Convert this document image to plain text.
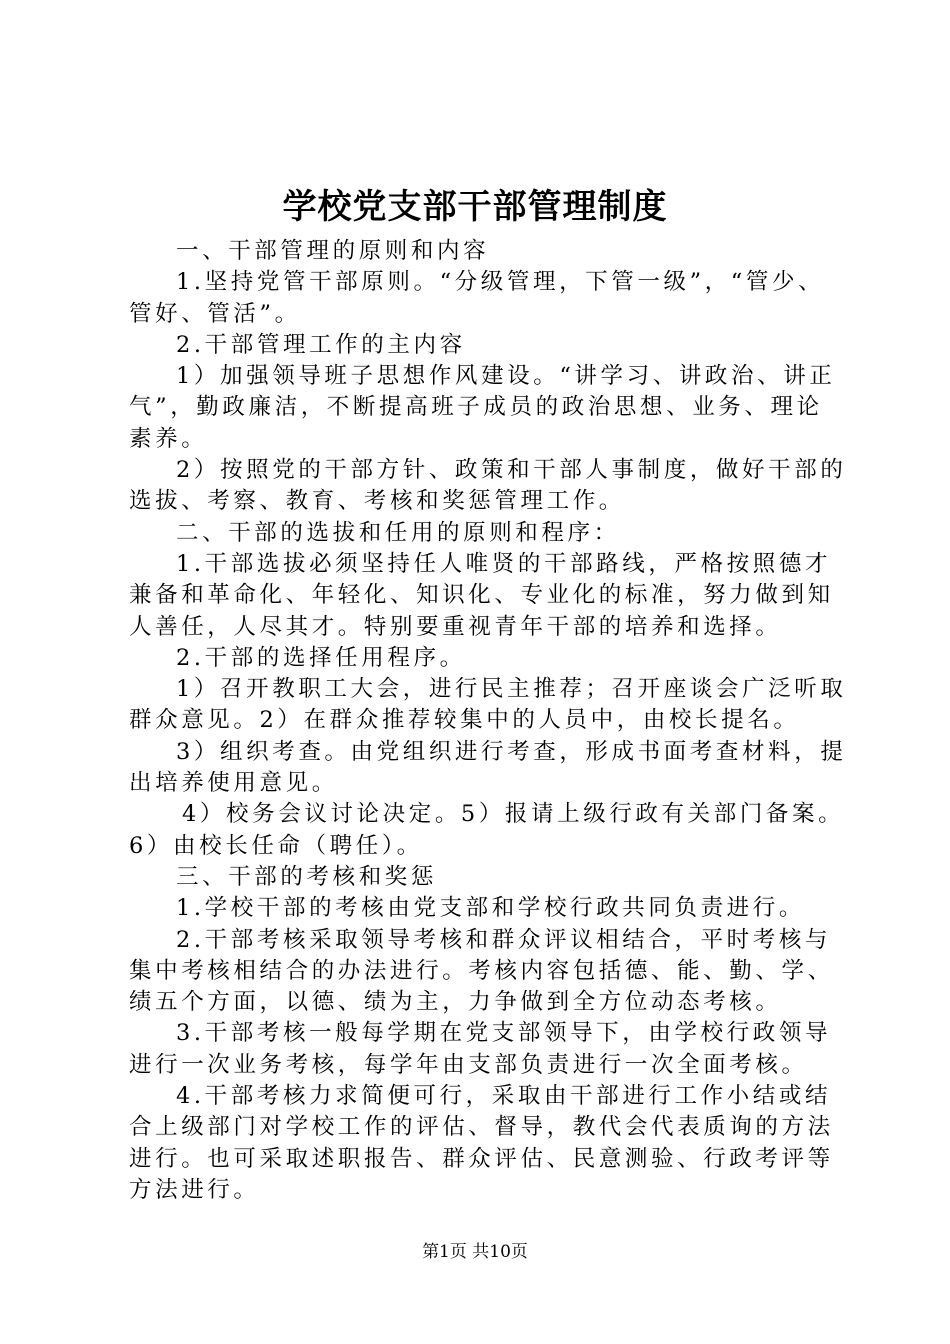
学校党支部干部管理制度
一、干部管理的原则和内容
1.坚持党管干部原则。“分级管理，下管一级”，“管少、
管好、管活”。
2.干部管理工作的主内容
1）加强领导班子思想作风建设。“讲学习、讲政治、讲正
气”，勤政廉洁，不断提高班子成员的政治思想、业务、理论
素养。
2）按照党的干部方针、政策和干部人事制度，做好干部的
选拔、考察、教育、考核和奖惩管理工作。
二、干部的选拔和任用的原则和程序：
1.干部选拔必须坚持任人唯贤的干部路线，严格按照德才
兼备和革命化、年轻化、知识化、专业化的标准，努力做到知
人善任，人尽其才。特别要重视青年干部的培养和选择。
2.干部的选择任用程序。
1）召开教职工大会，进行民主推荐；召开座谈会广泛听取
群众意见。2）在群众推荐较集中的人员中，由校长提名。
3）组织考查。由党组织进行考查，形成书面考查材料，提
出培养使用意见。
4）校务会议讨论决定。5）报请上级行政有关部门备案。
6）由校长任命（聘任）。
三、干部的考核和奖惩
1.学校干部的考核由党支部和学校行政共同负责进行。
2.干部考核采取领导考核和群众评议相结合，平时考核与
集中考核相结合的办法进行。考核内容包括德、能、勤、学、
绩五个方面，以德、绩为主，力争做到全方位动态考核。
3.干部考核一般每学期在党支部领导下，由学校行政领导
进行一次业务考核，每学年由支部负责进行一次全面考核。
4.干部考核力求简便可行，采取由干部进行工作小结或结
合上级部门对学校工作的评估、督导，教代会代表质询的方法
进行。也可采取述职报告、群众评估、民意测验、行政考评等
方法进行。
第1页 共10页
